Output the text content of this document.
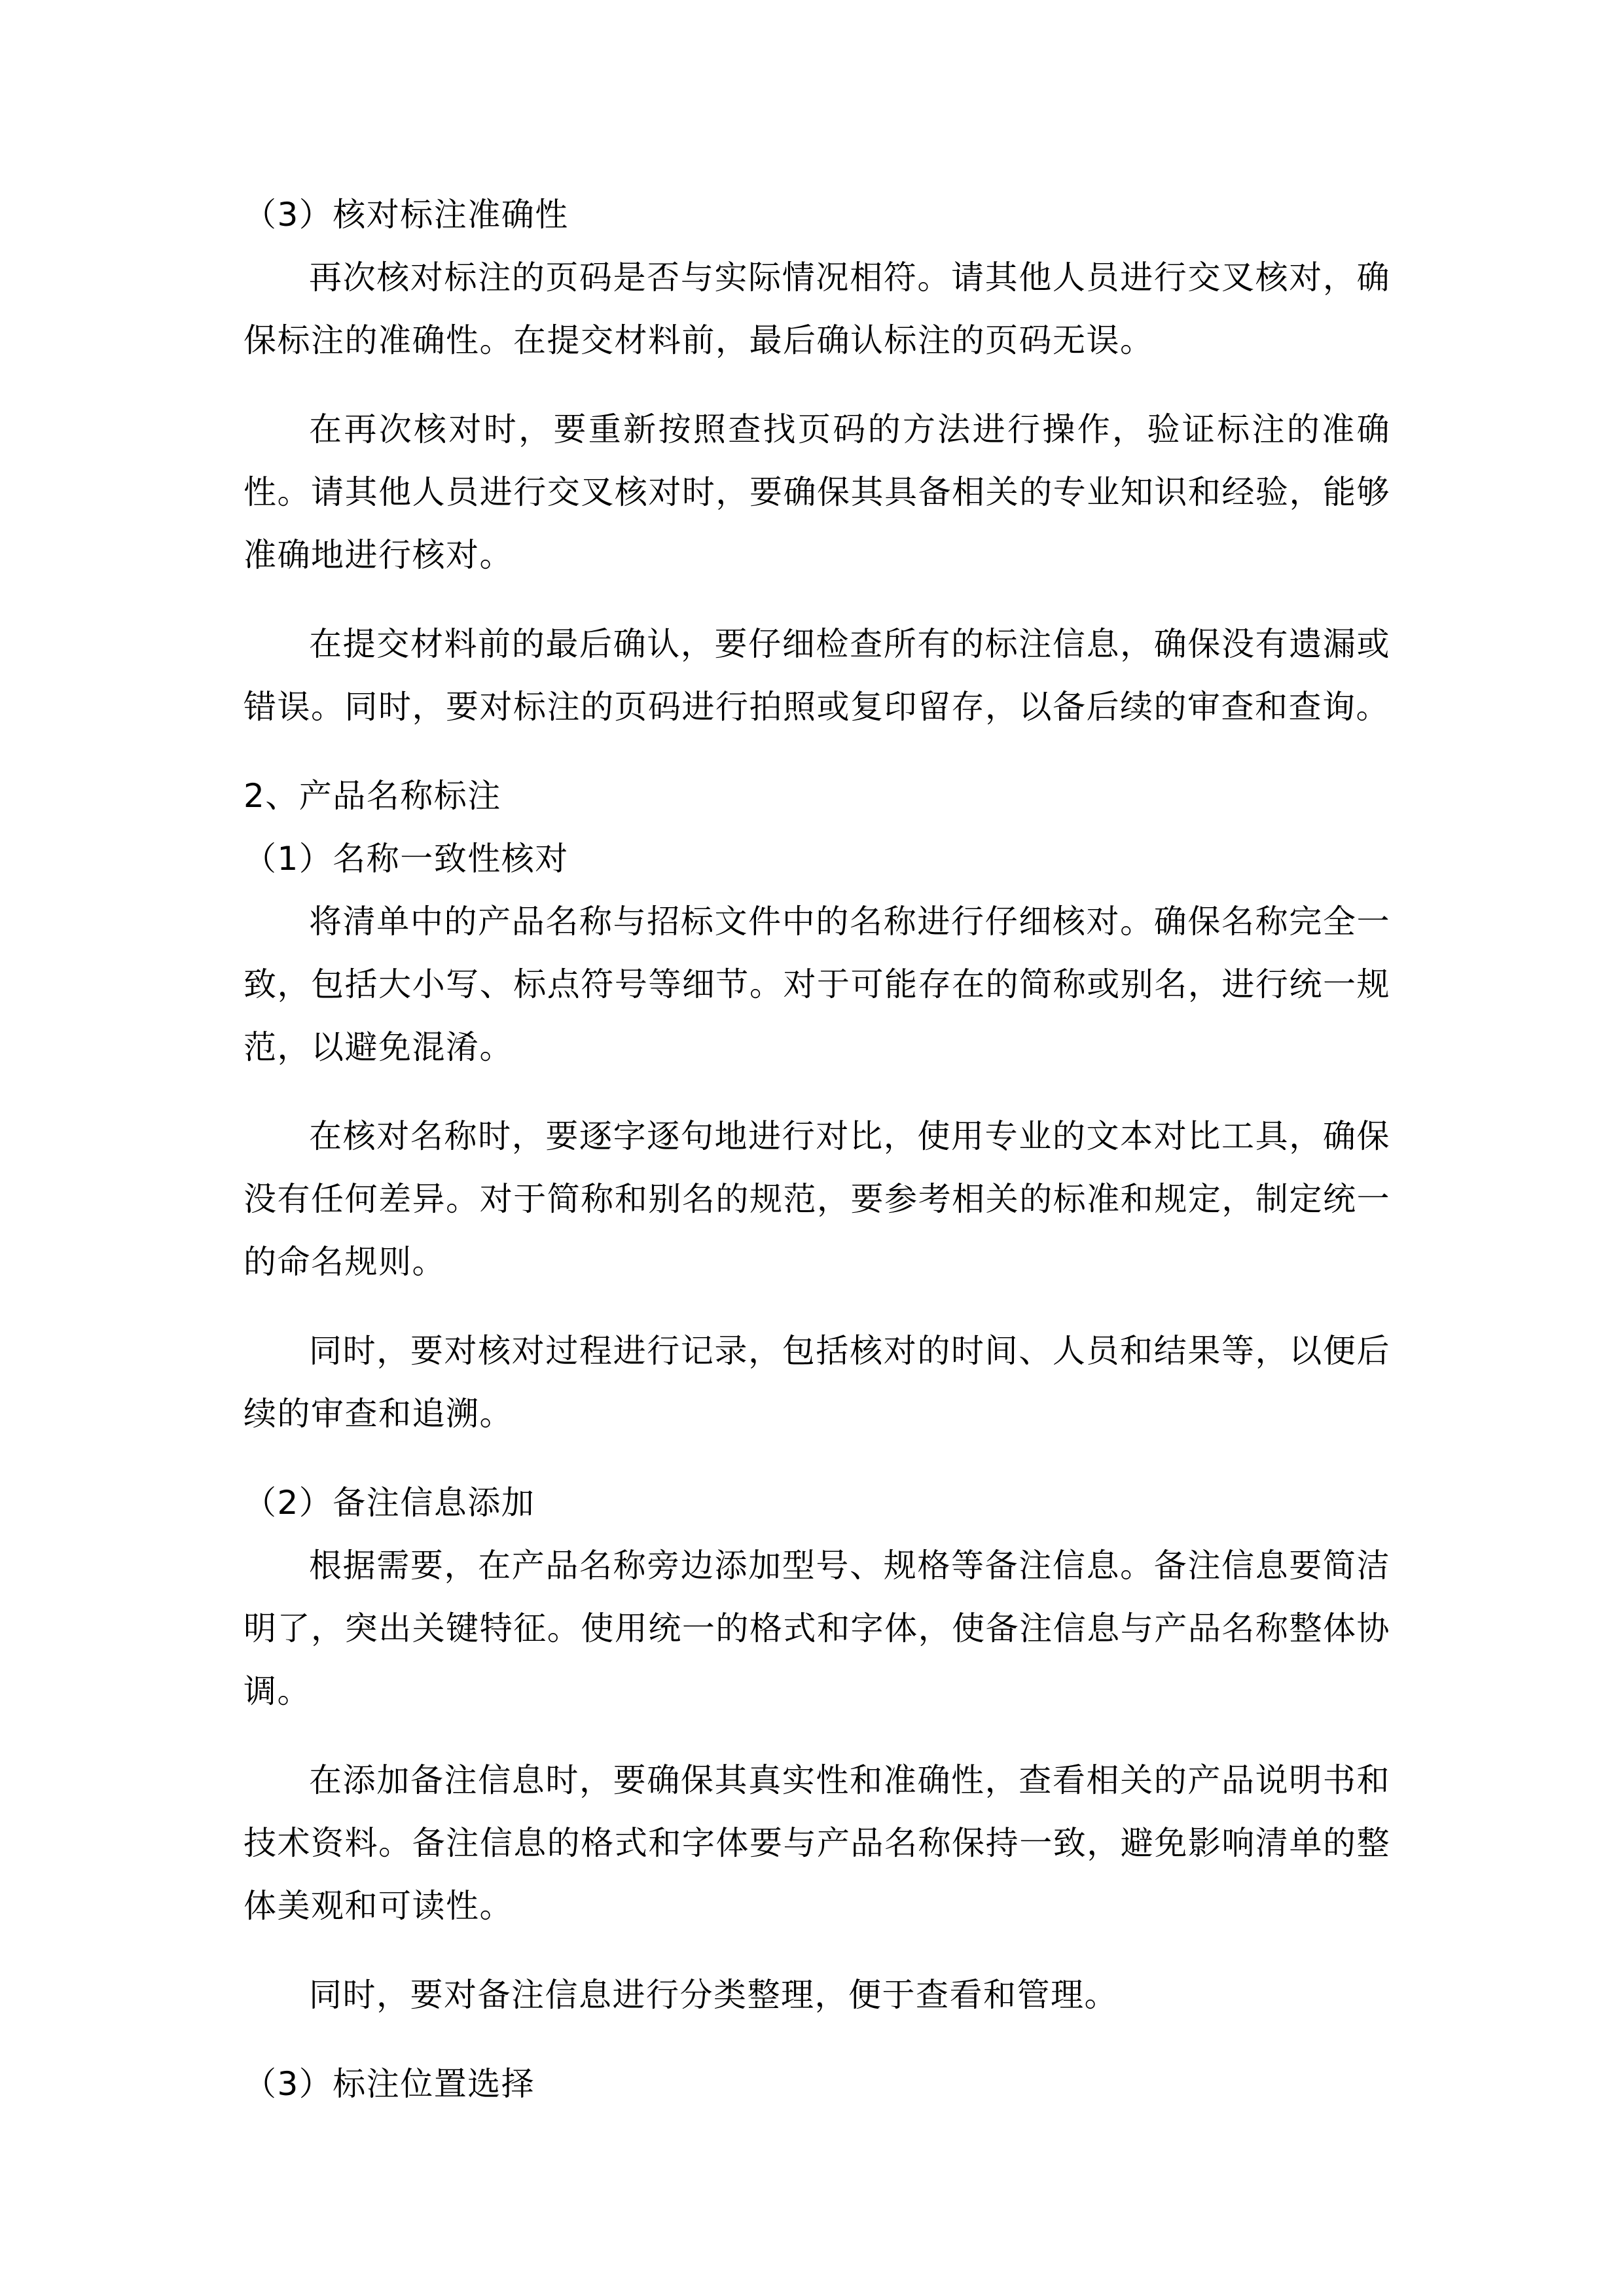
（3）核对标注准确性

再次核对标注的页码是否与实际情况相符。请其他人员进行交叉核对，确保标注的准确性。在提交材料前，最后确认标注的页码无误。

在再次核对时，要重新按照查找页码的方法进行操作，验证标注的准确性。请其他人员进行交叉核对时，要确保其具备相关的专业知识和经验，能够准确地进行核对。

在提交材料前的最后确认，要仔细检查所有的标注信息，确保没有遗漏或错误。同时，要对标注的页码进行拍照或复印留存，以备后续的审查和查询。

2、产品名称标注

（1）名称一致性核对

将清单中的产品名称与招标文件中的名称进行仔细核对。确保名称完全一致，包括大小写、标点符号等细节。对于可能存在的简称或别名，进行统一规范，以避免混淆。

在核对名称时，要逐字逐句地进行对比，使用专业的文本对比工具，确保没有任何差异。对于简称和别名的规范，要参考相关的标准和规定，制定统一的命名规则。

同时，要对核对过程进行记录，包括核对的时间、人员和结果等，以便后续的审查和追溯。

（2）备注信息添加

根据需要，在产品名称旁边添加型号、规格等备注信息。备注信息要简洁明了，突出关键特征。使用统一的格式和字体，使备注信息与产品名称整体协调。

在添加备注信息时，要确保其真实性和准确性，查看相关的产品说明书和技术资料。备注信息的格式和字体要与产品名称保持一致，避免影响清单的整体美观和可读性。

同时，要对备注信息进行分类整理，便于查看和管理。

（3）标注位置选择
